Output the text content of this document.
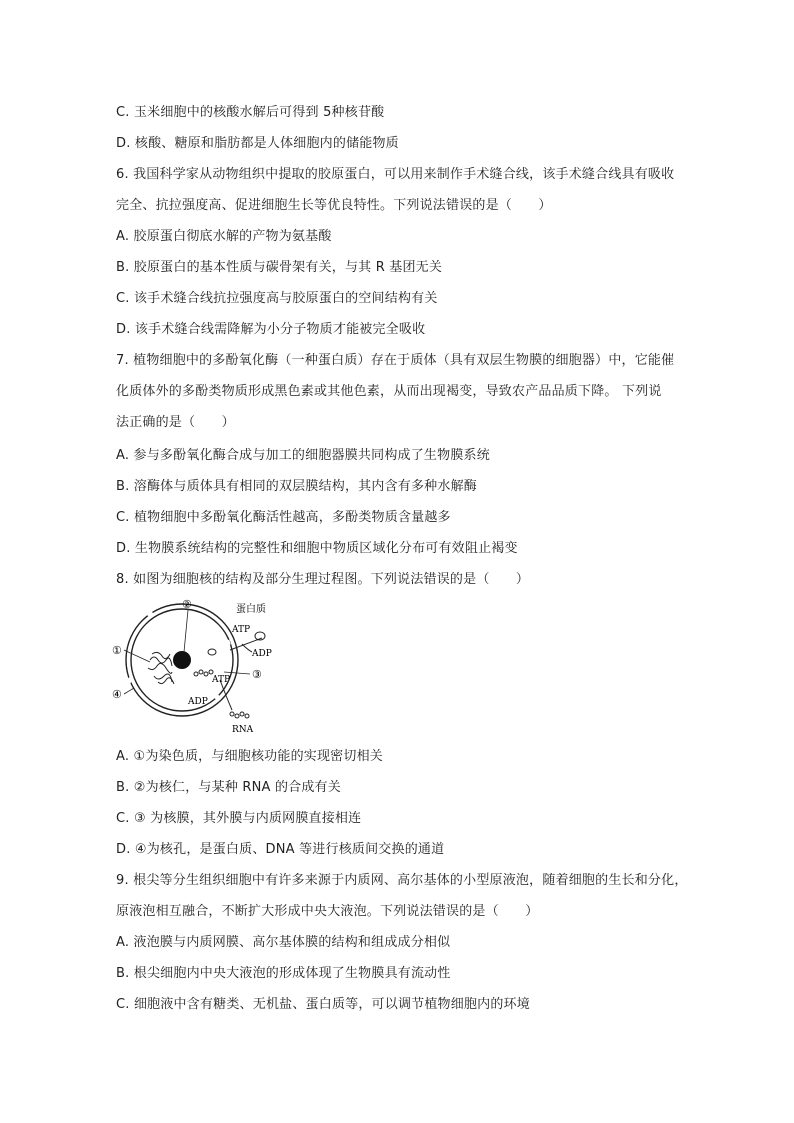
C. 玉米细胞中的核酸水解后可得到 5种核苷酸
D. 核酸、糖原和脂肪都是人体细胞内的储能物质
6. 我国科学家从动物组织中提取的胶原蛋白，可以用来制作手术缝合线，该手术缝合线具有吸收
完全、抗拉强度高、促进细胞生长等优良特性。下列说法错误的是（　　）
A. 胶原蛋白彻底水解的产物为氨基酸
B. 胶原蛋白的基本性质与碳骨架有关，与其 R 基团无关
C. 该手术缝合线抗拉强度高与胶原蛋白的空间结构有关
D. 该手术缝合线需降解为小分子物质才能被完全吸收
7. 植物细胞中的多酚氧化酶（一种蛋白质）存在于质体（具有双层生物膜的细胞器）中，它能催
化质体外的多酚类物质形成黑色素或其他色素，从而出现褐变，导致农产品品质下降。 下列说
法正确的是（　　）
A. 参与多酚氧化酶合成与加工的细胞器膜共同构成了生物膜系统
B. 溶酶体与质体具有相同的双层膜结构，其内含有多种水解酶
C. 植物细胞中多酚氧化酶活性越高，多酚类物质含量越多
D. 生物膜系统结构的完整性和细胞中物质区域化分布可有效阻止褐变
8. 如图为细胞核的结构及部分生理过程图。下列说法错误的是（　　）
①
②
③
④
蛋白质
ATP
ADP
ATP
ADP
RNA
A. ①为染色质，与细胞核功能的实现密切相关
B. ②为核仁，与某种 RNA 的合成有关
C. ③ 为核膜，其外膜与内质网膜直接相连
D. ④为核孔，是蛋白质、DNA 等进行核质间交换的通道
9. 根尖等分生组织细胞中有许多来源于内质网、高尔基体的小型原液泡，随着细胞的生长和分化，
原液泡相互融合，不断扩大形成中央大液泡。下列说法错误的是（　　）
A. 液泡膜与内质网膜、高尔基体膜的结构和组成成分相似
B. 根尖细胞内中央大液泡的形成体现了生物膜具有流动性
C. 细胞液中含有糖类、无机盐、蛋白质等，可以调节植物细胞内的环境
